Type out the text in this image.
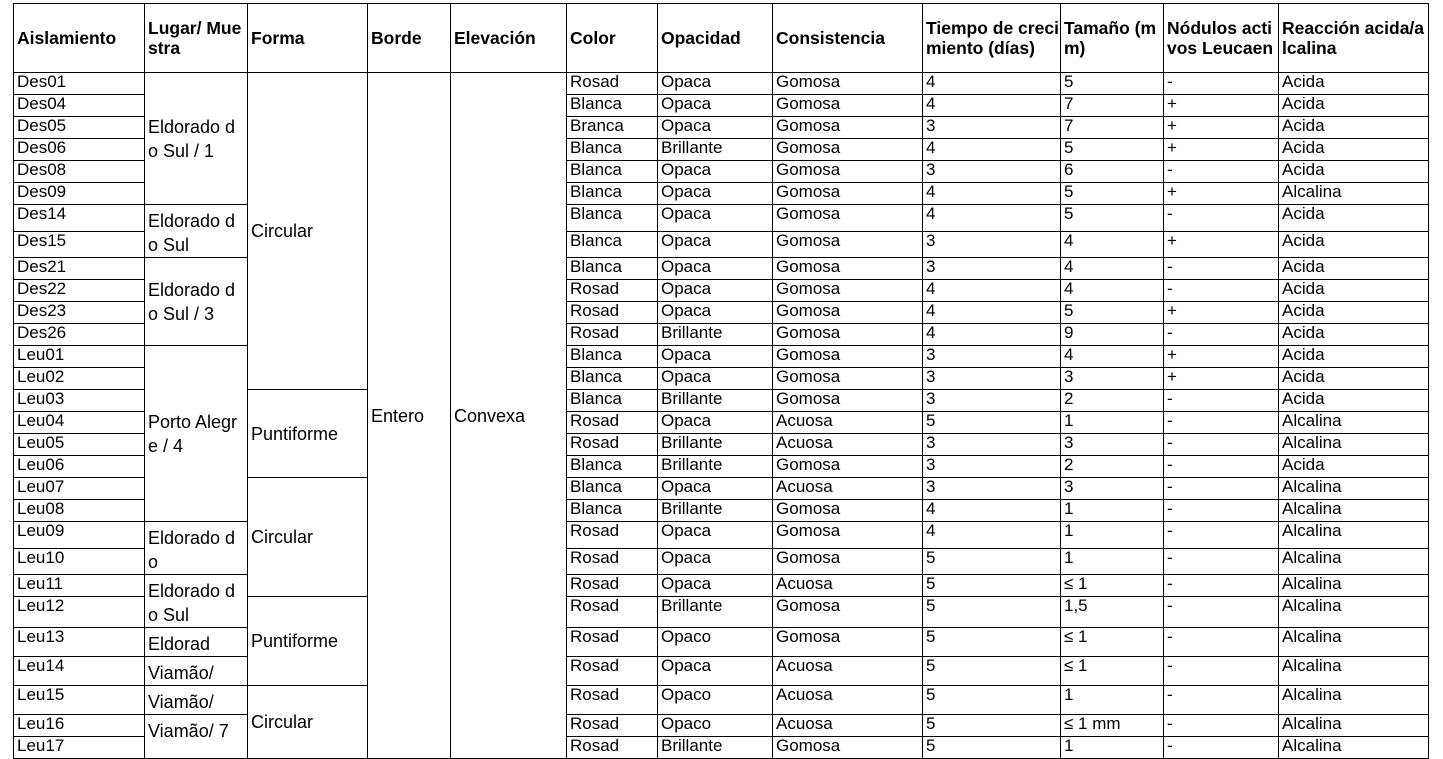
Aislamiento	Lugar/ Muestra	Forma	Borde	Elevación	Color	Opacidad	Consistencia	Tiempo de crecimiento (días)	Tamaño (mm)	Nódulos activos Leucaen	Reacción acida/alcalina
Des01	Eldorado do Sul / 1	Circular	Entero	Convexa	Rosad	Opaca	Gomosa	4	5	-	Acida
Des04					Blanca	Opaca	Gomosa	4	7	+	Acida
Des05					Branca	Opaca	Gomosa	3	7	+	Acida
Des06					Blanca	Brillante	Gomosa	4	5	+	Acida
Des08					Blanca	Opaca	Gomosa	3	6	-	Acida
Des09					Blanca	Opaca	Gomosa	4	5	+	Alcalina
Des14	Eldorado do Sul				Blanca	Opaca	Gomosa	4	5	-	Acida
Des15					Blanca	Opaca	Gomosa	3	4	+	Acida
Des21	Eldorado do Sul / 3				Blanca	Opaca	Gomosa	3	4	-	Acida
Des22					Rosad	Opaca	Gomosa	4	4	-	Acida
Des23					Rosad	Opaca	Gomosa	4	5	+	Acida
Des26					Rosad	Brillante	Gomosa	4	9	-	Acida
Leu01	Porto Alegre / 4				Blanca	Opaca	Gomosa	3	4	+	Acida
Leu02					Blanca	Opaca	Gomosa	3	3	+	Acida
Leu03		Puntiforme			Blanca	Brillante	Gomosa	3	2	-	Acida
Leu04					Rosad	Opaca	Acuosa	5	1	-	Alcalina
Leu05					Rosad	Brillante	Acuosa	3	3	-	Alcalina
Leu06					Blanca	Brillante	Gomosa	3	2	-	Acida
Leu07		Circular			Blanca	Opaca	Acuosa	3	3	-	Alcalina
Leu08					Blanca	Brillante	Gomosa	4	1	-	Alcalina
Leu09	Eldorado do				Rosad	Opaca	Gomosa	4	1	-	Alcalina
Leu10					Rosad	Opaca	Gomosa	5	1	-	Alcalina
Leu11	Eldorado do Sul				Rosad	Opaca	Acuosa	5	≤ 1	-	Alcalina
Leu12		Puntiforme			Rosad	Brillante	Gomosa	5	1,5	-	Alcalina
Leu13	Eldorad				Rosad	Opaco	Gomosa	5	≤ 1	-	Alcalina
Leu14	Viamão/				Rosad	Opaca	Acuosa	5	≤ 1	-	Alcalina
Leu15	Viamão/	Circular			Rosad	Opaco	Acuosa	5	1	-	Alcalina
Leu16	Viamão/ 7				Rosad	Opaco	Acuosa	5	≤ 1 mm	-	Alcalina
Leu17					Rosad	Brillante	Gomosa	5	1	-	Alcalina
